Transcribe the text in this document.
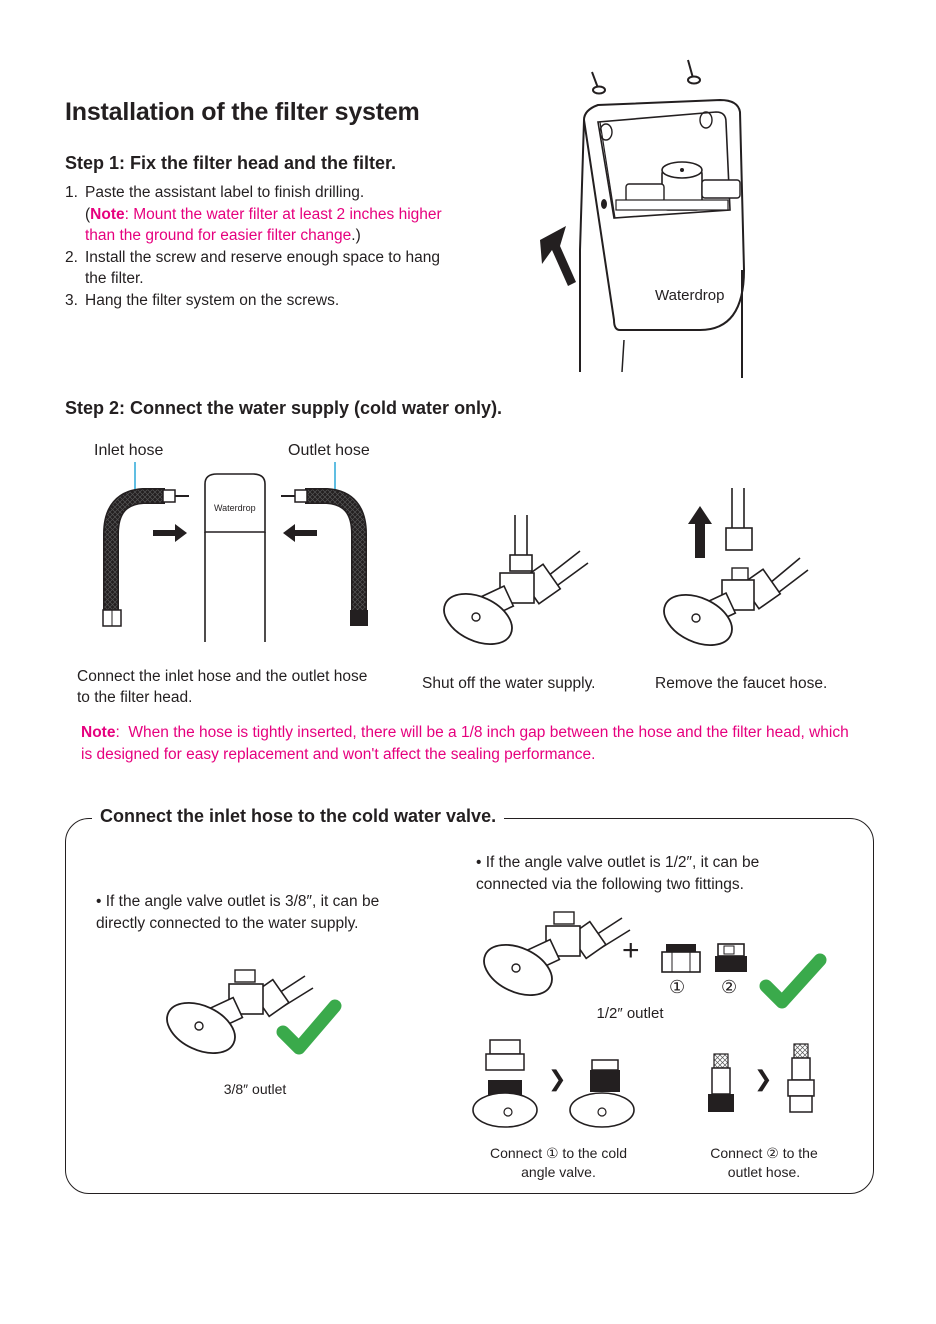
Installation of the filter system
Step 1: Fix the filter head and the filter.
1. Paste the assistant label to finish drilling.
(Note: Mount the water filter at least 2 inches higher than the ground for easier filter change.)
2. Install the screw and reserve enough space to hang the filter.
3. Hang the filter system on the screws.	Waterdrop
Step 2: Connect the water supply (cold water only).
Inlet hose	Outlet hose
Waterdrop
Connect the inlet hose and the outlet hose to the filter head.
Shut off the water supply.	Remove the faucet hose.
Note: When the hose is tightly inserted, there will be a 1/8 inch gap between the hose and the filter head, which is designed for easy replacement and won't affect the sealing performance.
Connect the inlet hose to the cold water valve.
• If the angle valve outlet is 3/8″, it can be directly connected to the water supply.
• If the angle valve outlet is 1/2″, it can be connected via the following two fittings.
3/8″ outlet
+
① ②
1/2″ outlet
❯	❯
Connect ① to the cold angle valve.
Connect ② to the outlet hose.
